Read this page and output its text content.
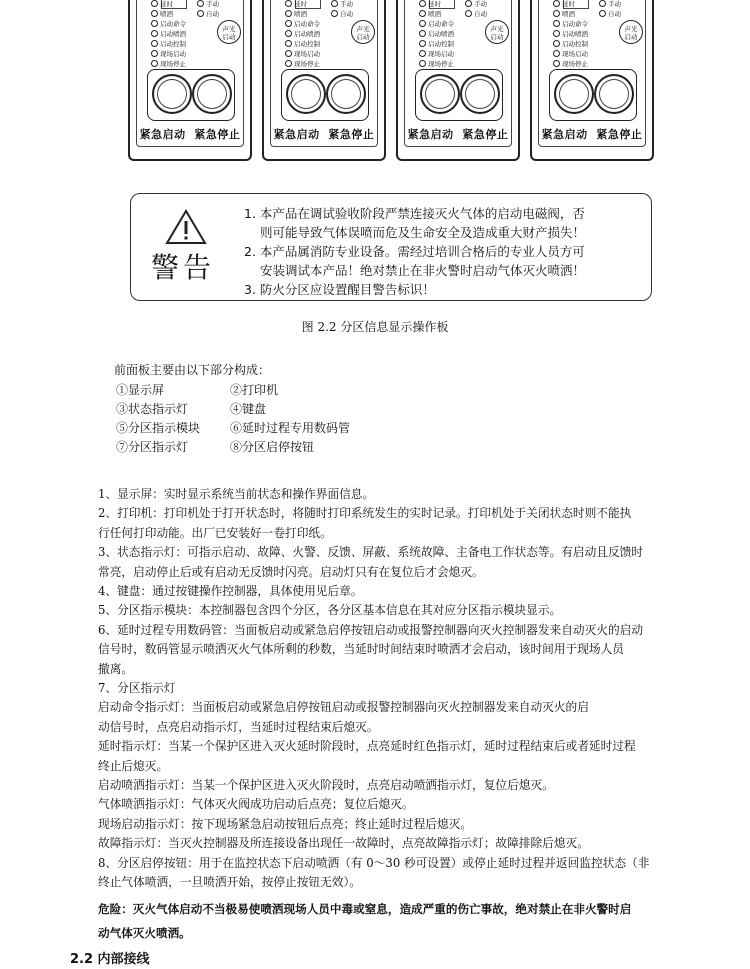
延时
喷洒
启动命令
启动喷洒
启动控制
现场启动
现场停止
手动
自动
声光
启动
紧急启动 紧急停止
延时
喷洒
启动命令
启动喷洒
启动控制
现场启动
现场停止
手动
自动
声光
启动
紧急启动 紧急停止
延时
喷洒
启动命令
启动喷洒
启动控制
现场启动
现场停止
手动
自动
声光
启动
紧急启动 紧急停止
延时
喷洒
启动命令
启动喷洒
启动控制
现场启动
现场停止
手动
自动
声光
启动
紧急启动 紧急停止
警告
1. 本产品在调试验收阶段严禁连接灭火气体的启动电磁阀，否
则可能导致气体误喷而危及生命安全及造成重大财产损失！
2. 本产品属消防专业设备。需经过培训合格后的专业人员方可
安装调试本产品！绝对禁止在非火警时启动气体灭火喷洒！
3. 防火分区应设置醒目警告标识！
图 2.2 分区信息显示操作板
前面板主要由以下部分构成：
①显示屏	②打印机
③状态指示灯	④键盘
⑤分区指示模块 ⑥延时过程专用数码管
⑦分区指示灯	⑧分区启停按钮
1、显示屏：实时显示系统当前状态和操作界面信息。
2、打印机：打印机处于打开状态时，将随时打印系统发生的实时记录。打印机处于关闭状态时则不能执
行任何打印动能。出厂已安装好一卷打印纸。
3、状态指示灯：可指示启动、故障、火警、反馈、屏蔽、系统故障、主备电工作状态等。有启动且反馈时
常亮，启动停止后或有启动无反馈时闪亮。启动灯只有在复位后才会熄灭。
4、键盘：通过按键操作控制器，具体使用见后章。
5、分区指示模块：本控制器包含四个分区，各分区基本信息在其对应分区指示模块显示。
6、延时过程专用数码管：当面板启动或紧急启停按钮启动或报警控制器向灭火控制器发来自动灭火的启动
信号时，数码管显示喷洒灭火气体所剩的秒数，当延时时间结束时喷洒才会启动，该时间用于现场人员
撤离。
7、分区指示灯
启动命令指示灯：当面板启动或紧急启停按钮启动或报警控制器向灭火控制器发来自动灭火的启
动信号时，点亮启动指示灯，当延时过程结束后熄灭。
延时指示灯：当某一个保护区进入灭火延时阶段时，点亮延时红色指示灯，延时过程结束后或者延时过程
终止后熄灭。
启动喷洒指示灯：当某一个保护区进入灭火阶段时，点亮启动喷洒指示灯，复位后熄灭。
气体喷洒指示灯：气体灭火阀成功启动后点亮；复位后熄灭。
现场启动指示灯：按下现场紧急启动按钮后点亮；终止延时过程后熄灭。
故障指示灯：当灭火控制器及所连接设备出现任一故障时，点亮故障指示灯；故障排除后熄灭。
8、分区启停按钮：用于在监控状态下启动喷洒（有 0～30 秒可设置）或停止延时过程并返回监控状态（非
终止气体喷洒，一旦喷洒开始，按停止按钮无效）。
危险：灭火气体启动不当极易使喷洒现场人员中毒或窒息，造成严重的伤亡事故，绝对禁止在非火警时启
动气体灭火喷洒。
2.2 内部接线
